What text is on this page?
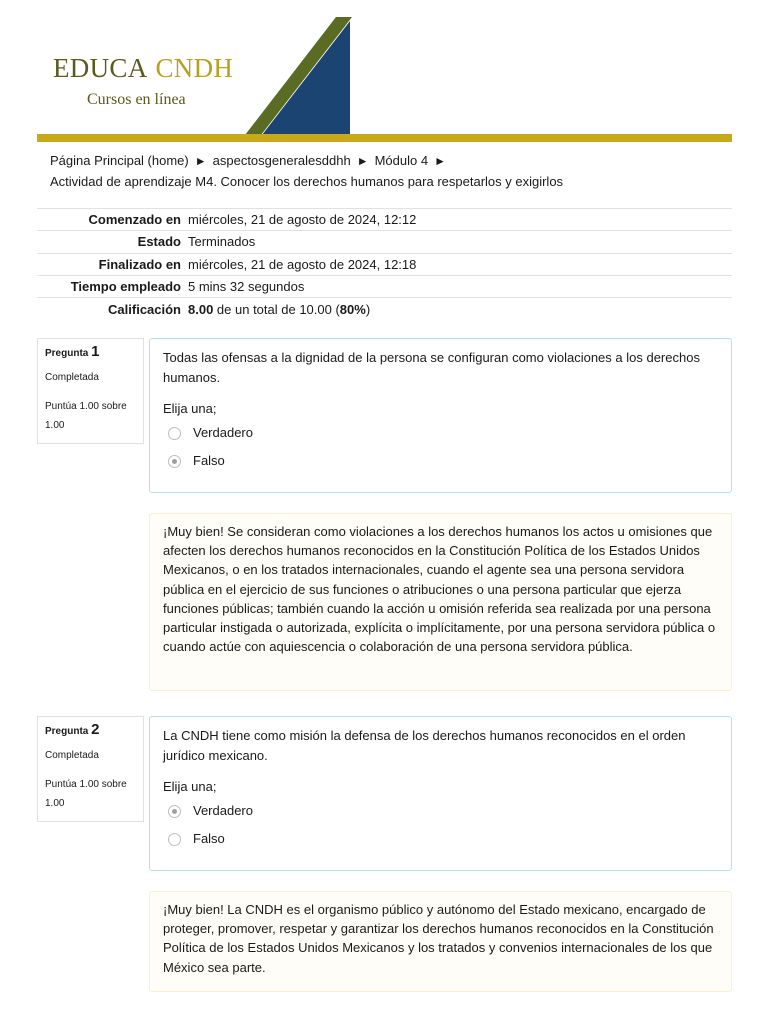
EDUCA CNDH
Cursos en línea
Página Principal (home) ► aspectosgeneralesddhh ► Módulo 4 ►
Actividad de aprendizaje M4. Conocer los derechos humanos para respetarlos y exigirlos
Comenzado en	miércoles, 21 de agosto de 2024, 12:12
Estado	Terminados
Finalizado en	miércoles, 21 de agosto de 2024, 12:18
Tiempo empleado	5 mins 32 segundos
Calificación	8.00 de un total de 10.00 (80%)
Pregunta 1
Completada
Puntúa 1.00 sobre 1.00
Todas las ofensas a la dignidad de la persona se configuran como violaciones a los derechos humanos.
Elija una;
Verdadero
Falso
¡Muy bien! Se consideran como violaciones a los derechos humanos los actos u omisiones que afecten los derechos humanos reconocidos en la Constitución Política de los Estados Unidos Mexicanos, o en los tratados internacionales, cuando el agente sea una persona servidora pública en el ejercicio de sus funciones o atribuciones o una persona particular que ejerza funciones públicas; también cuando la acción u omisión referida sea realizada por una persona particular instigada o autorizada, explícita o implícitamente, por una persona servidora pública o cuando actúe con aquiescencia o colaboración de una persona servidora pública.
Pregunta 2
Completada
Puntúa 1.00 sobre 1.00
La CNDH tiene como misión la defensa de los derechos humanos reconocidos en el orden jurídico mexicano.
Elija una;
Verdadero
Falso
¡Muy bien! La CNDH es el organismo público y autónomo del Estado mexicano, encargado de proteger, promover, respetar y garantizar los derechos humanos reconocidos en la Constitución Política de los Estados Unidos Mexicanos y los tratados y convenios internacionales de los que México sea parte.
